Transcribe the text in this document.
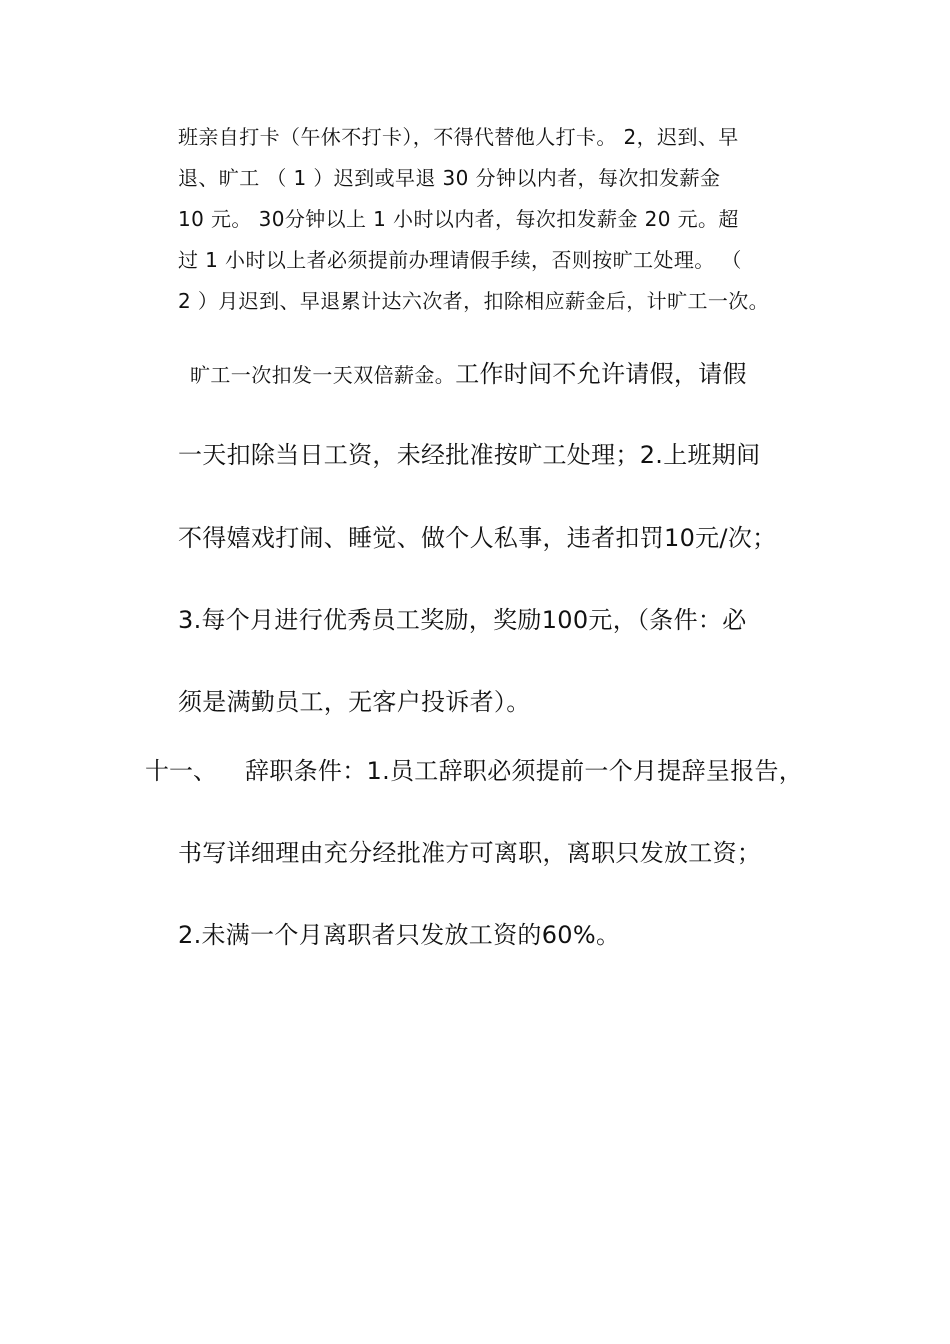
班亲自打卡（午休不打卡），不得代替他人打卡。 2，迟到、早
退、旷工 （ 1 ）迟到或早退 30 分钟以内者，每次扣发薪金
10 元。 30分钟以上 1 小时以内者，每次扣发薪金 20 元。超
过 1 小时以上者必须提前办理请假手续，否则按旷工处理。 （
2 ）月迟到、早退累计达六次者，扣除相应薪金后，计旷工一次。
旷工一次扣发一天双倍薪金。工作时间不允许请假，请假
一天扣除当日工资，未经批准按旷工处理；2.上班期间
不得嬉戏打闹、睡觉、做个人私事，违者扣罚10元/次；
3.每个月进行优秀员工奖励，奖励100元，（条件：必
须是满勤员工，无客户投诉者）。
十一、 辞职条件：1.员工辞职必须提前一个月提辞呈报告，
书写详细理由充分经批准方可离职，离职只发放工资；
2.未满一个月离职者只发放工资的60%。
